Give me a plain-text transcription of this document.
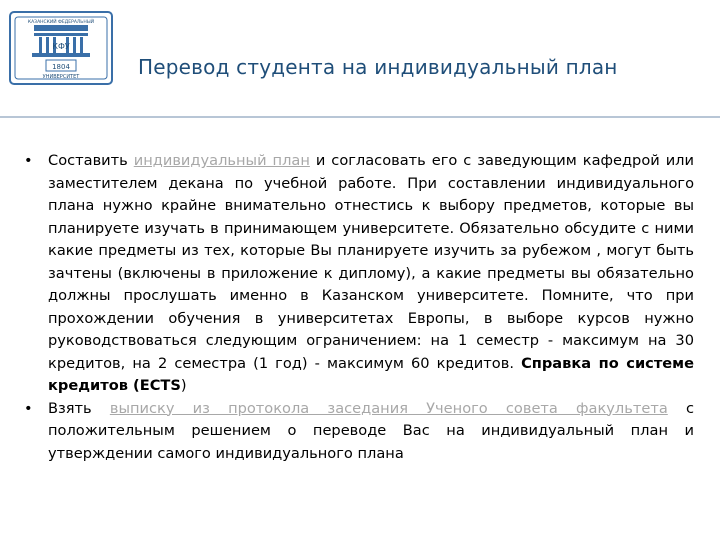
КФУ
1804
КАЗАНСКИЙ ФЕДЕРАЛЬНЫЙ
УНИВЕРСИТЕТ	Перевод студента на индивидуальный план

•	Составить индивидуальный план и согласовать его с заведующим кафедрой или заместителем декана по учебной работе. При составлении индивидуального плана нужно крайне внимательно отнестись к выбору предметов, которые вы планируете изучать в принимающем университете. Обязательно обсудите с ними какие предметы из тех, которые Вы планируете изучить за рубежом , могут быть зачтены (включены в приложение к диплому), а какие предметы вы обязательно должны прослушать именно в Казанском университете. Помните, что при прохождении обучения в университетах Европы, в выборе курсов нужно руководствоваться следующим ограничением: на 1 семестр - максимум на 30 кредитов, на 2 семестра (1 год) - максимум 60 кредитов. Справка по системе кредитов (ECTS)

•	Взять выписку из протокола заседания Ученого совета факультета с положительным решением о переводе Вас на индивидуальный план и утверждении самого индивидуального плана
